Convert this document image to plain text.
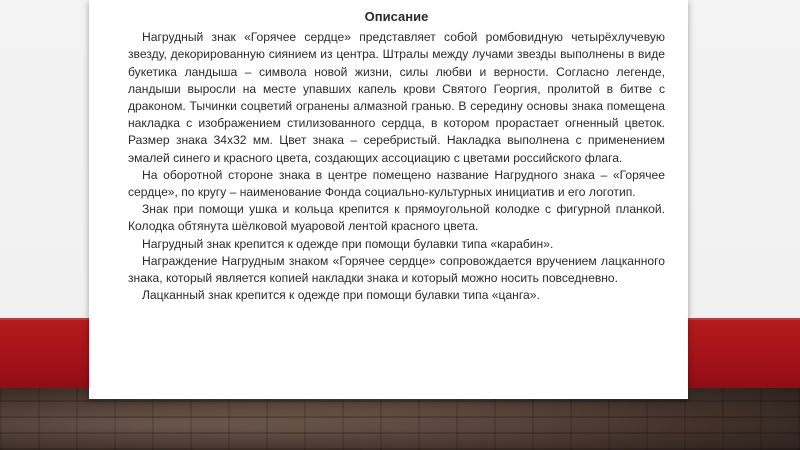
Описание

Нагрудный знак «Горячее сердце» представляет собой ромбовидную четырёхлучевую звезду, декорированную сиянием из центра. Штралы между лучами звезды выполнены в виде букетика ландыша – символа новой жизни, силы любви и верности. Согласно легенде, ландыши выросли на месте упавших капель крови Святого Георгия, пролитой в битве с драконом. Тычинки соцветий огранены алмазной гранью. В середину основы знака помещена накладка с изображением стилизованного сердца, в котором прорастает огненный цветок. Размер знака 34х32 мм. Цвет знака – серебристый. Накладка выполнена с применением эмалей синего и красного цвета, создающих ассоциацию с цветами российского флага.

На оборотной стороне знака в центре помещено название Нагрудного знака – «Горячее сердце», по кругу – наименование Фонда социально-культурных инициатив и его логотип.

Знак при помощи ушка и кольца крепится к прямоугольной колодке с фигурной планкой. Колодка обтянута шёлковой муаровой лентой красного цвета.

Нагрудный знак крепится к одежде при помощи булавки типа «карабин».

Награждение Нагрудным знаком «Горячее сердце» сопровождается вручением лацканного знака, который является копией накладки знака и который можно носить повседневно.

Лацканный знак крепится к одежде при помощи булавки типа «цанга».
